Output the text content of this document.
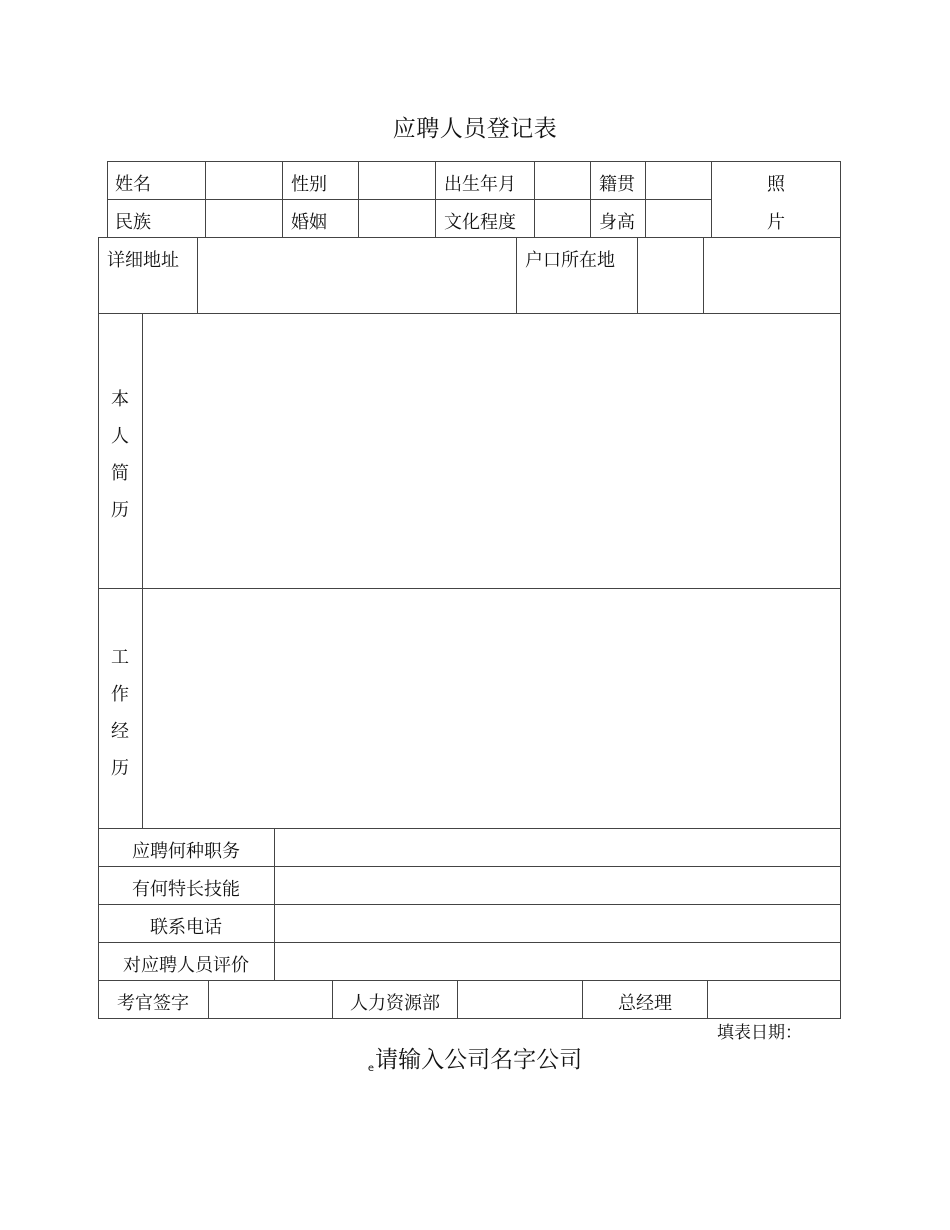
应聘人员登记表
姓名	性别	出生年月	籍贯
民族	婚姻	文化程度	身高
照
片
详细地址	户口所在地
本
人
简
历
工
作
经
历
应聘何种职务
有何特长技能
联系电话
对应聘人员评价
考官签字	人力资源部	总经理
填表日期：
e请输入公司名字公司
